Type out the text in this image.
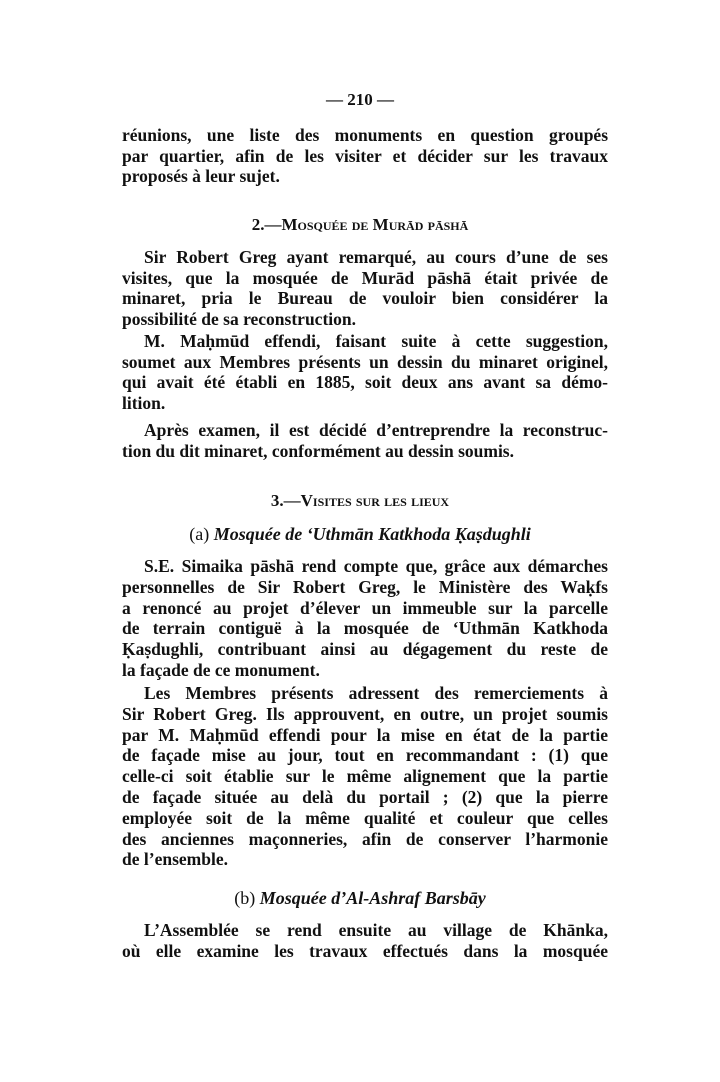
— 210 —
réunions, une liste des monuments en question groupés
par quartier, afin de les visiter et décider sur les travaux
proposés à leur sujet.
Sir Robert Greg ayant remarqué, au cours d’une de ses
visites, que la mosquée de Murād pāshā était privée de
minaret, pria le Bureau de vouloir bien considérer la
possibilité de sa reconstruction.
M. Maḥmūd effendi, faisant suite à cette suggestion,
soumet aux Membres présents un dessin du minaret originel,
qui avait été établi en 1885, soit deux ans avant sa démo-
lition.
Après examen, il est décidé d’entreprendre la reconstruc-
tion du dit minaret, conformément au dessin soumis.
S.E. Simaika pāshā rend compte que, grâce aux démarches
personnelles de Sir Robert Greg, le Ministère des Waḳfs
a renoncé au projet d’élever un immeuble sur la parcelle
de terrain contiguë à la mosquée de ‘Uthmān Katkhoda
Ḳaṣdughli, contribuant ainsi au dégagement du reste de
la façade de ce monument.
Les Membres présents adressent des remerciements à
Sir Robert Greg. Ils approuvent, en outre, un projet soumis
par M. Maḥmūd effendi pour la mise en état de la partie
de façade mise au jour, tout en recommandant : (1) que
celle-ci soit établie sur le même alignement que la partie
de façade située au delà du portail ; (2) que la pierre
employée soit de la même qualité et couleur que celles
des anciennes maçonneries, afin de conserver l’harmonie
de l’ensemble.
L’Assemblée se rend ensuite au village de Khānka,
où elle examine les travaux effectués dans la mosquée
2.—Mosquée de Murād pāshā
3.—Visites sur les lieux
(a) Mosquée de ‘Uthmān Katkhoda Ḳaṣdughli
(b) Mosquée d’Al-Ashraf Barsbāy
